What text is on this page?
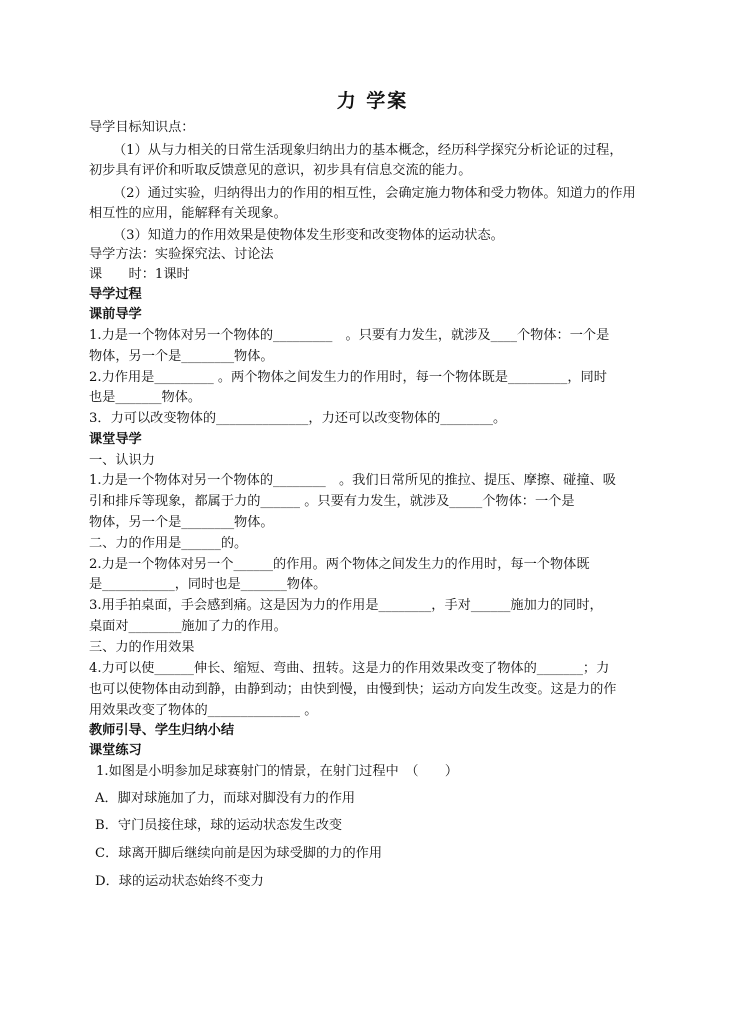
力 学案
导学目标知识点：
（1）从与力相关的日常生活现象归纳出力的基本概念，经历科学探究分析论证的过程，
初步具有评价和听取反馈意见的意识，初步具有信息交流的能力。
（2）通过实验，归纳得出力的作用的相互性，会确定施力物体和受力物体。知道力的作用
相互性的应用，能解释有关现象。
（3）知道力的作用效果是使物体发生形变和改变物体的运动状态。
导学方法：实验探究法、讨论法
课　　时：1课时
导学过程
课前导学
1.力是一个物体对另一个物体的_________　。只要有力发生，就涉及____个物体：一个是
物体，另一个是________物体。
2.力作用是_________ 。两个物体之间发生力的作用时，每一个物体既是_________，同时
也是_______物体。
3．力可以改变物体的______________，力还可以改变物体的________。
课堂导学
一、认识力
1.力是一个物体对另一个物体的________　。我们日常所见的推拉、提压、摩擦、碰撞、吸
引和排斥等现象，都属于力的______ 。只要有力发生，就涉及_____个物体：一个是
物体，另一个是________物体。
二、力的作用是______的。
2.力是一个物体对另一个______的作用。两个物体之间发生力的作用时，每一个物体既
是___________，同时也是_______物体。
3.用手拍桌面，手会感到痛。这是因为力的作用是________，手对______施加力的同时，
桌面对________施加了力的作用。
三、力的作用效果
4.力可以使______伸长、缩短、弯曲、扭转。这是力的作用效果改变了物体的_______；力
也可以使物体由动到静，由静到动；由快到慢，由慢到快；运动方向发生改变。这是力的作
用效果改变了物体的______________ 。
教师引导、学生归纳小结
课堂练习
1.如图是小明参加足球赛射门的情景，在射门过程中　（　　）
A．脚对球施加了力，而球对脚没有力的作用
B．守门员接住球，球的运动状态发生改变
C．球离开脚后继续向前是因为球受脚的力的作用
D．球的运动状态始终不变力
